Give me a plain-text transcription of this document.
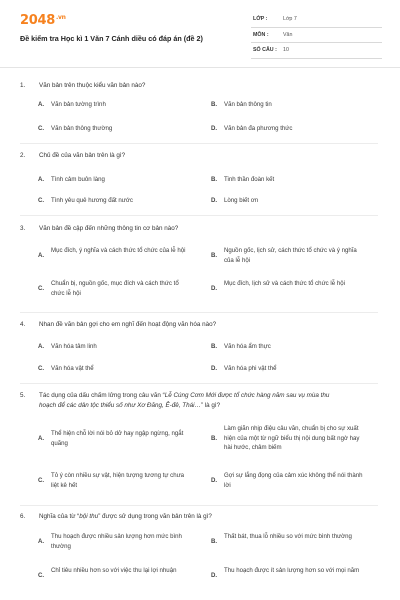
$2048^{.vn}$
Đề kiểm tra Học kì 1 Văn 7 Cánh diều có đáp án (đề 2)
LỚP :	Lớp 7
MÔN :	Văn
SỐ CÂU : 10
1. Văn bản trên thuộc kiểu văn bản nào?
A. Văn bản tường trình	B. Văn bản thông tin
C. Văn bản thông thường	D. Văn bản đa phương thức
2. Chủ đề của văn bản trên là gì?
A. Tình cảm buôn làng	B. Tinh thần đoàn kết
C. Tình yêu quê hương đất nước	D. Lòng biết ơn
3. Văn bản đề cập đến những thông tin cơ bản nào?
A.
Mục đích, ý nghĩa và cách thức tổ chức của lễ hội
B.
Nguồn gốc, lịch sử, cách thức tổ chức và ý nghĩa của lễ hội
C.
Chuẩn bị, nguồn gốc, mục đích và cách thức tổ chức lễ hội
D.
Mục đích, lịch sử và cách thức tổ chức lễ hội
4. Nhan đề văn bản gợi cho em nghĩ đến hoạt động văn hóa nào?
A. Văn hóa tâm linh	B. Văn hóa ẩm thực
C. Văn hóa vật thể	D. Văn hóa phi vật thể
5.	Tác dụng của dấu chấm lửng trong câu văn “Lễ Cúng Cơm Mới được tổ chức hàng năm sau vụ mùa thu hoạch để các dân tộc thiểu số như Xơ Đăng, Ê-đê, Thái…” là gì?
A.
Thể hiện chỗ lời nói bỏ dở hay ngập ngừng, ngắt quãng
B.
Làm giãn nhịp điệu câu văn, chuẩn bị cho sự xuất hiện của một từ ngữ biểu thị nội dung bất ngờ hay hài hước, châm biếm
C.
Tỏ ý còn nhiều sự vật, hiện tượng tương tự chưa liệt kê hết
D.
Gợi sự lắng đọng của cảm xúc không thể nói thành lời
6. Nghĩa của từ “bội thu” được sử dụng trong văn bản trên là gì?
A.
Thu hoạch được nhiều sản lượng hơn mức bình thường
B.
Thất bát, thua lỗ nhiều so với mức bình thường
C.
Chỉ tiêu nhiều hơn so với việc thu lại lợi nhuận
D.
Thu hoạch được ít sản lượng hơn so với mọi năm
